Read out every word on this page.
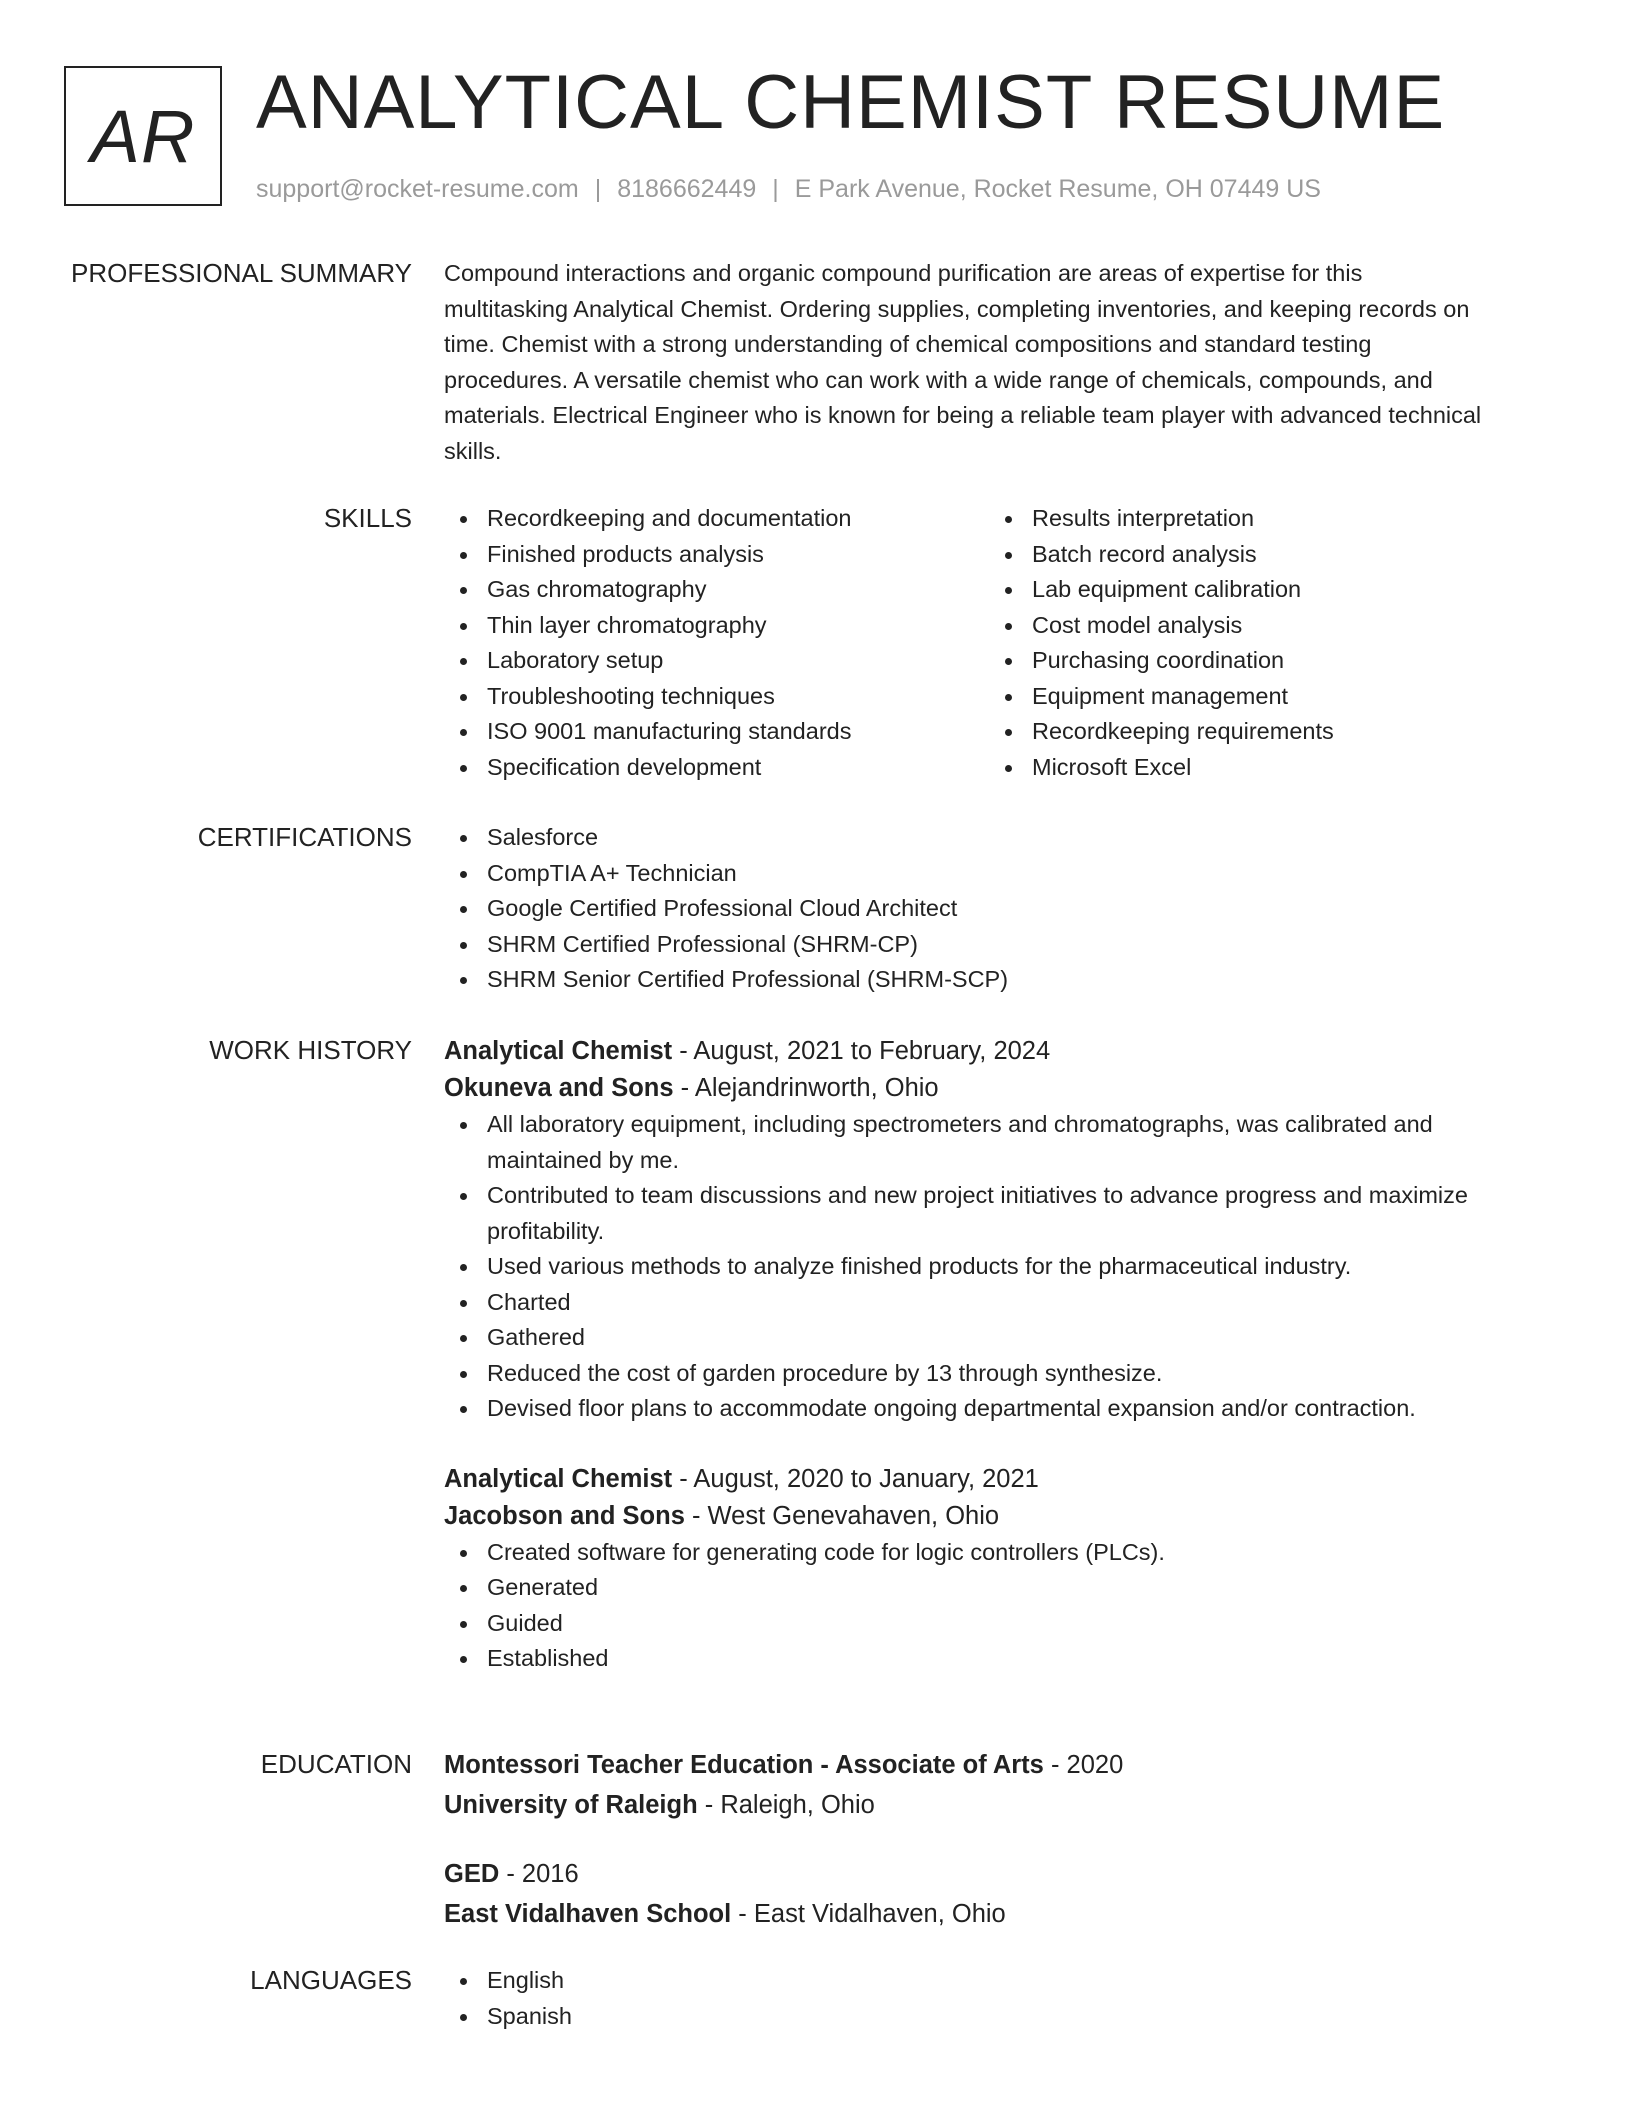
AR ANALYTICAL CHEMIST RESUME
support@rocket-resume.com | 8186662449 | E Park Avenue, Rocket Resume, OH 07449 US
PROFESSIONAL SUMMARY Compound interactions and organic compound purification are areas of expertise for this
multitasking Analytical Chemist. Ordering supplies, completing inventories, and keeping records on
time. Chemist with a strong understanding of chemical compositions and standard testing
procedures. A versatile chemist who can work with a wide range of chemicals, compounds, and
materials. Electrical Engineer who is known for being a reliable team player with advanced technical
skills.
SKILLS	Recordkeeping and documentation
Finished products analysis
Gas chromatography
Thin layer chromatography
Laboratory setup
Troubleshooting techniques
ISO 9001 manufacturing standards
Specification development
Results interpretation
Batch record analysis
Lab equipment calibration
Cost model analysis
Purchasing coordination
Equipment management
Recordkeeping requirements
Microsoft Excel
CERTIFICATIONS	Salesforce
CompTIA A+ Technician
Google Certified Professional Cloud Architect
SHRM Certified Professional (SHRM-CP)
SHRM Senior Certified Professional (SHRM-SCP)
WORK HISTORY Analytical Chemist - August, 2021 to February, 2024
Okuneva and Sons - Alejandrinworth, Ohio
All laboratory equipment, including spectrometers and chromatographs, was calibrated and maintained by me.
Contributed to team discussions and new project initiatives to advance progress and maximize profitability.
Used various methods to analyze finished products for the pharmaceutical industry.
Charted
Gathered
Reduced the cost of garden procedure by 13 through synthesize.
Devised floor plans to accommodate ongoing departmental expansion and/or contraction.
Analytical Chemist - August, 2020 to January, 2021
Jacobson and Sons - West Genevahaven, Ohio
Created software for generating code for logic controllers (PLCs).
Generated
Guided
Established
EDUCATION Montessori Teacher Education - Associate of Arts - 2020
University of Raleigh - Raleigh, Ohio
GED - 2016
East Vidalhaven School - East Vidalhaven, Ohio
LANGUAGES	English
Spanish
